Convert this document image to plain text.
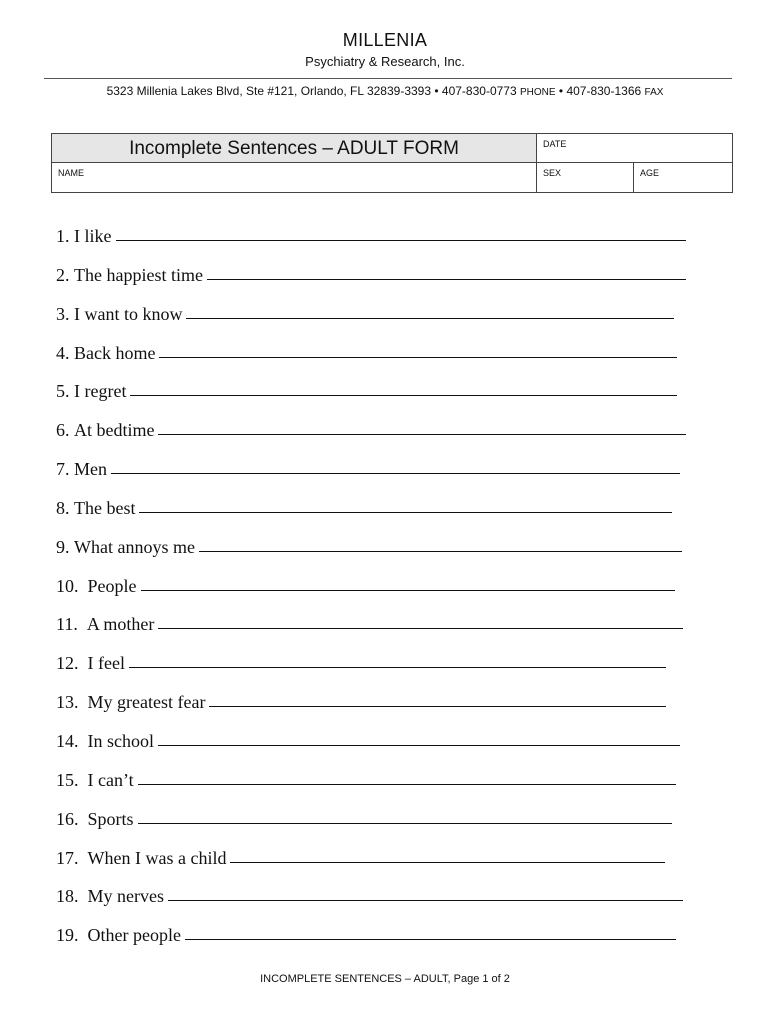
MILLENIA
Psychiatry & Research, Inc.
5323 Millenia Lakes Blvd, Ste #121, Orlando, FL 32839-3393 • 407-830-0773 PHONE • 407-830-1366 FAX
Incomplete Sentences – ADULT FORM
NAME
DATE
SEX	AGE
1.
I like
2.
The happiest time
3.
I want to know
4.
Back home
5.
I regret
6.
At bedtime
7.
Men
8.
The best
9.
What annoys me
10.
People
11.
A mother
12.
I feel
13.
My greatest fear
14.
In school
15.
I can’t
16.
Sports
17.
When I was a child
18.
My nerves
19.
Other people
INCOMPLETE SENTENCES – ADULT, Page 1 of 2
